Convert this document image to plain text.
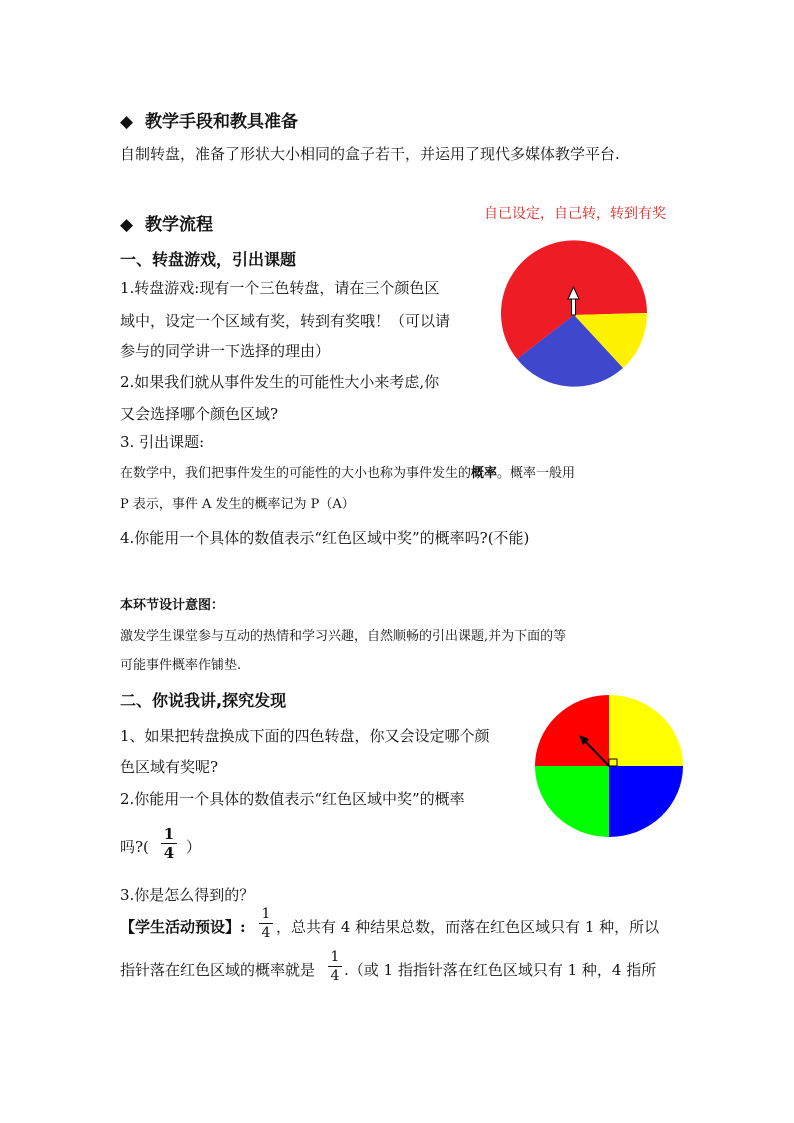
◆ 教学手段和教具准备
自制转盘，准备了形状大小相同的盒子若干，并运用了现代多媒体教学平台.
◆ 教学流程
自已设定，自己转，转到有奖
一、转盘游戏，引出课题
1.转盘游戏:现有一个三色转盘，请在三个颜色区
域中，设定一个区域有奖，转到有奖哦！（可以请
参与的同学讲一下选择的理由）
2.如果我们就从事件发生的可能性大小来考虑,你
又会选择哪个颜色区域?
3. 引出课题:
在数学中，我们把事件发生的可能性的大小也称为事件发生的概率。概率一般用
P 表示，事件 A 发生的概率记为 P（A）
4.你能用一个具体的数值表示“红色区域中奖”的概率吗?(不能)
本环节设计意图：
激发学生课堂参与互动的热情和学习兴趣，自然顺畅的引出课题,并为下面的等
可能事件概率作铺垫.
二、你说我讲,探究发现
1、如果把转盘换成下面的四色转盘，你又会设定哪个颜
色区域有奖呢?
2.你能用一个具体的数值表示“红色区域中奖”的概率
吗?(
1
4 ）
3.你是怎么得到的？
【学生活动预设】:
1
4 ，总共有 4 种结果总数，而落在红色区域只有 1 种，所以
指针落在红色区域的概率就是
1
4 .（或 1 指指针落在红色区域只有 1 种，4 指所
